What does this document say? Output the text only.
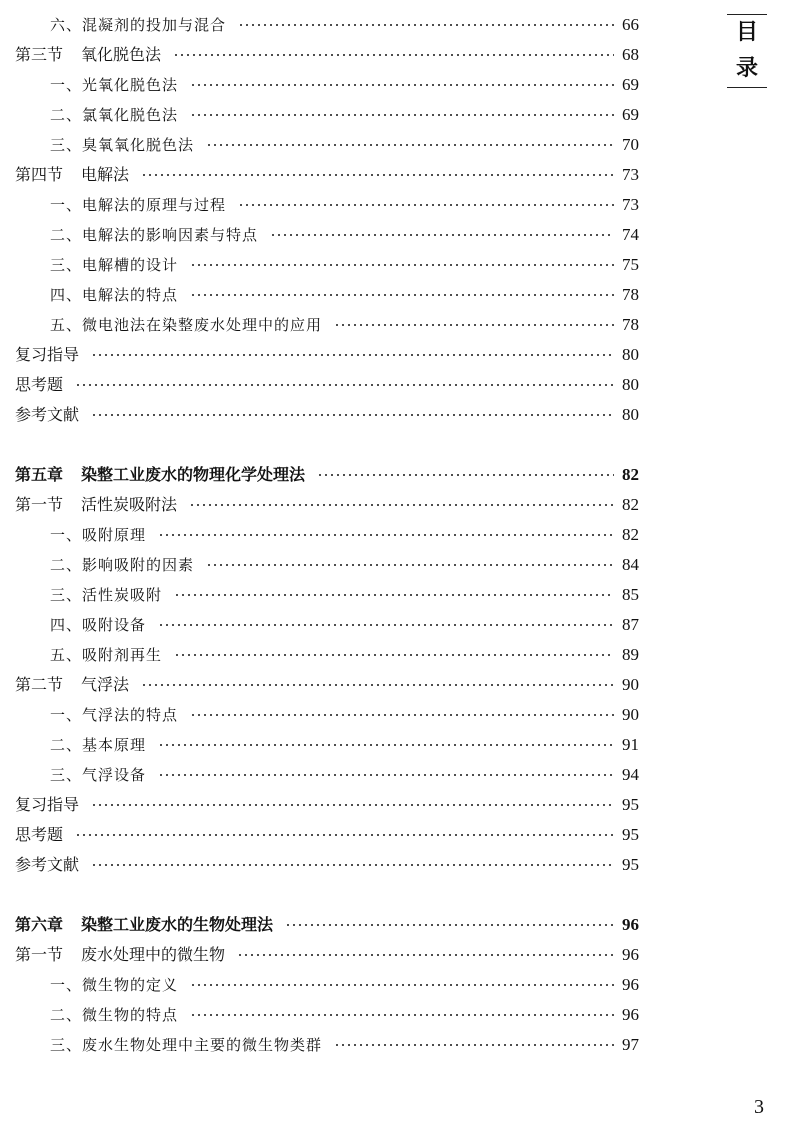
六、混凝剂的投加与混合	66
第三节 氧化脱色法	68
一、光氧化脱色法	69
二、氯氧化脱色法	69
三、臭氧氧化脱色法	70
第四节 电解法	73
一、电解法的原理与过程	73
二、电解法的影响因素与特点	74
三、电解槽的设计	75
四、电解法的特点	78
五、微电池法在染整废水处理中的应用	78
复习指导	80
思考题	80
参考文献	80
第五章 染整工业废水的物理化学处理法	82
第一节 活性炭吸附法	82
一、吸附原理	82
二、影响吸附的因素	84
三、活性炭吸附	85
四、吸附设备	87
五、吸附剂再生	89
第二节 气浮法	90
一、气浮法的特点	90
二、基本原理	91
三、气浮设备	94
复习指导	95
思考题	95
参考文献	95
第六章 染整工业废水的生物处理法	96
第一节 废水处理中的微生物	96
一、微生物的定义	96
二、微生物的特点	96
三、废水生物处理中主要的微生物类群	97
目
录
3
